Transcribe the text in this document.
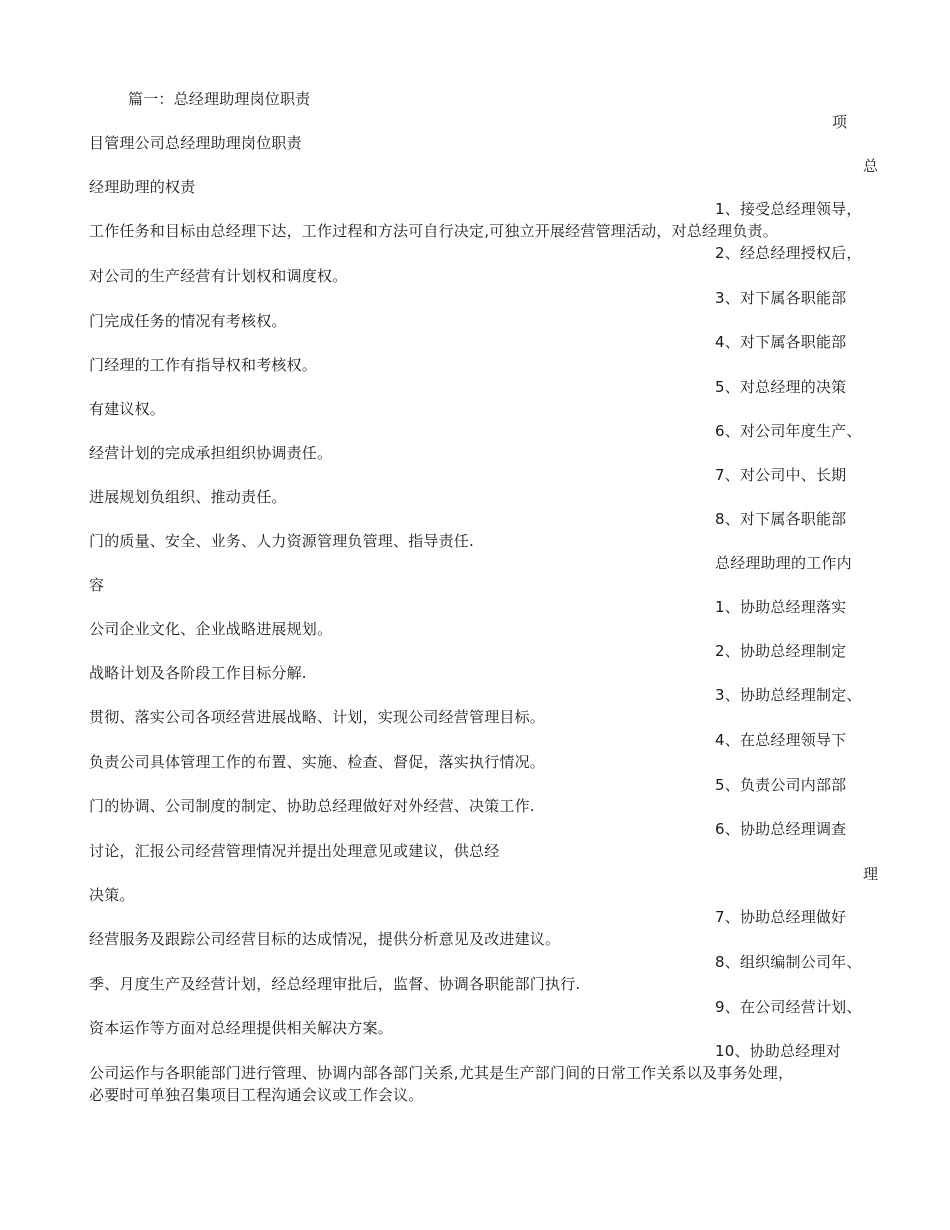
篇一：总经理助理岗位职责
项
总
理
目管理公司总经理助理岗位职责
经理助理的权责
工作任务和目标由总经理下达，工作过程和方法可自行决定,可独立开展经营管理活动，对总经理负责。
对公司的生产经营有计划权和调度权。
门完成任务的情况有考核权。
门经理的工作有指导权和考核权。
有建议权。
经营计划的完成承担组织协调责任。
进展规划负组织、推动责任。
门的质量、安全、业务、人力资源管理负管理、指导责任.
容
公司企业文化、企业战略进展规划。
战略计划及各阶段工作目标分解.
贯彻、落实公司各项经营进展战略、计划，实现公司经营管理目标。
负责公司具体管理工作的布置、实施、检查、督促，落实执行情况。
门的协调、公司制度的制定、协助总经理做好对外经营、决策工作.
讨论，汇报公司经营管理情况并提出处理意见或建议，供总经
决策。
经营服务及跟踪公司经营目标的达成情况，提供分析意见及改进建议。
季、月度生产及经营计划，经总经理审批后，监督、协调各职能部门执行.
资本运作等方面对总经理提供相关解决方案。
公司运作与各职能部门进行管理、协调内部各部门关系,尤其是生产部门间的日常工作关系以及事务处理，
必要时可单独召集项目工程沟通会议或工作会议。
1、接受总经理领导，
2、经总经理授权后，
3、对下属各职能部
4、对下属各职能部
5、对总经理的决策
6、对公司年度生产、
7、对公司中、长期
8、对下属各职能部
总经理助理的工作内
1、协助总经理落实
2、协助总经理制定
3、协助总经理制定、
4、在总经理领导下
5、负责公司内部部
6、协助总经理调查
7、协助总经理做好
8、组织编制公司年、
9、在公司经营计划、
10、协助总经理对
